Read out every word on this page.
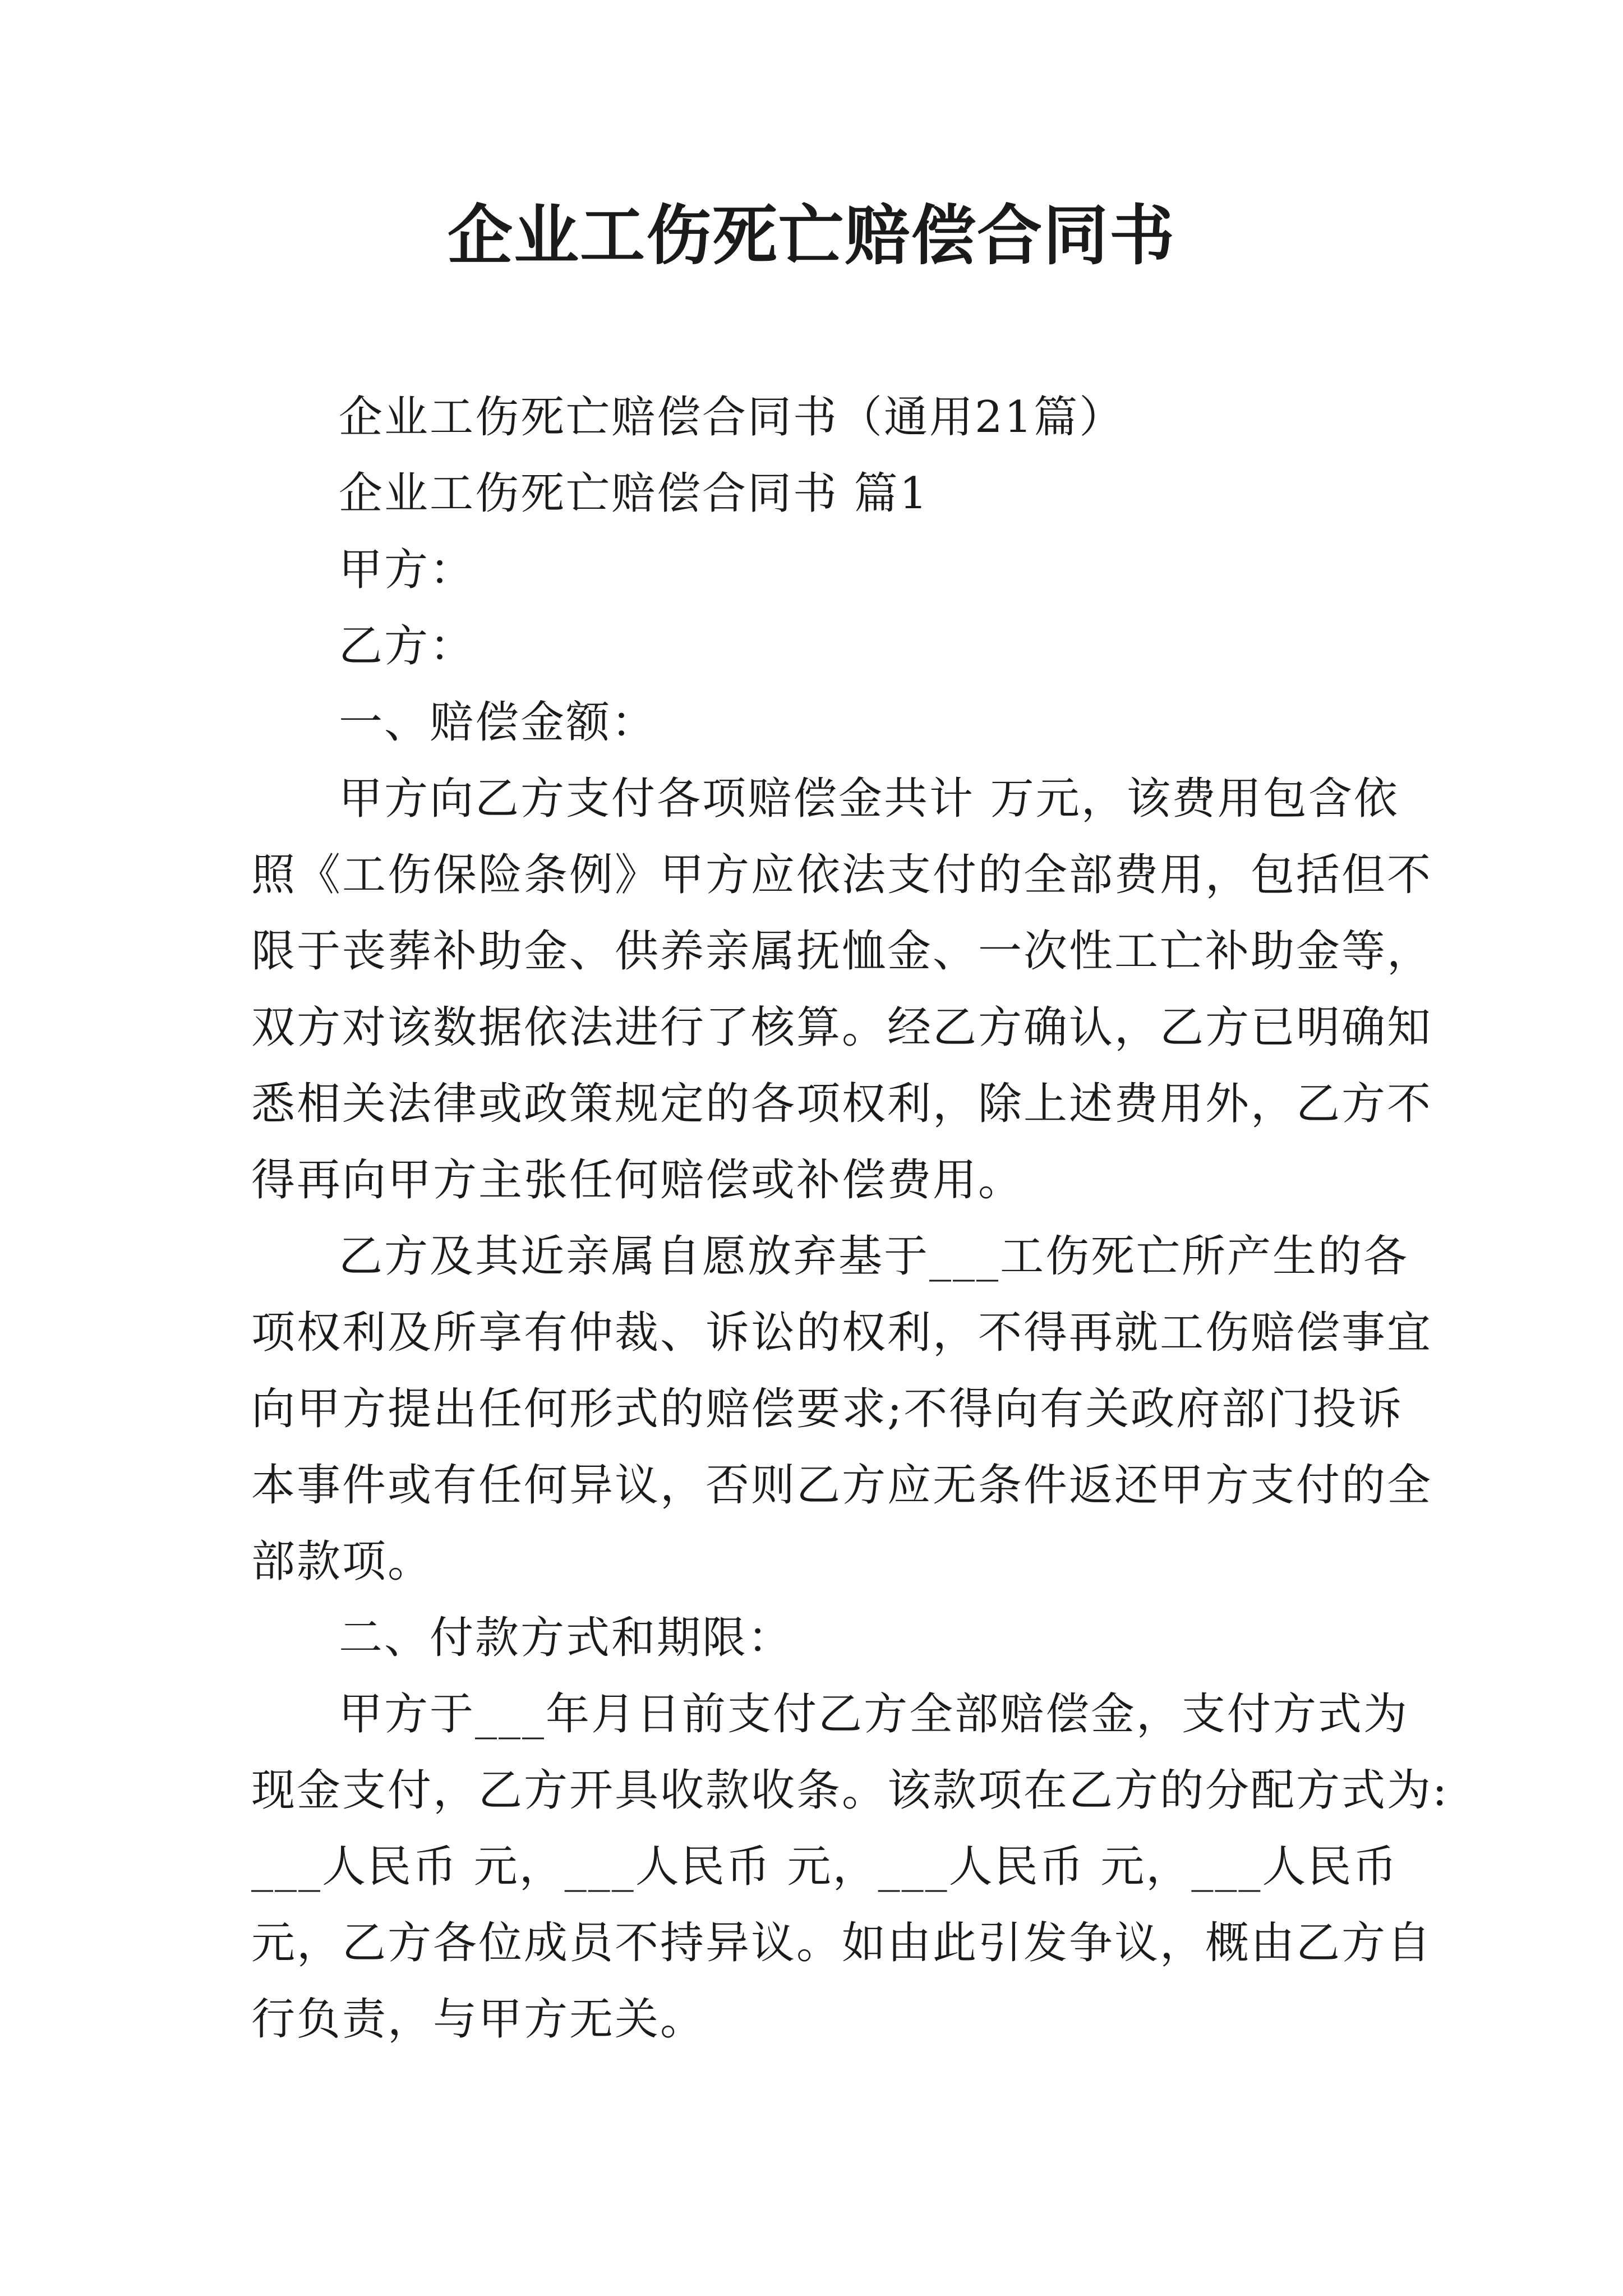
企业工伤死亡赔偿合同书
企业工伤死亡赔偿合同书（通用21篇）
企业工伤死亡赔偿合同书 篇1
甲方：
乙方：
一、赔偿金额：
甲方向乙方支付各项赔偿金共计 万元，该费用包含依
照《工伤保险条例》甲方应依法支付的全部费用，包括但不
限于丧葬补助金、供养亲属抚恤金、一次性工亡补助金等，
双方对该数据依法进行了核算。经乙方确认，乙方已明确知
悉相关法律或政策规定的各项权利，除上述费用外，乙方不
得再向甲方主张任何赔偿或补偿费用。
乙方及其近亲属自愿放弃基于___工伤死亡所产生的各
项权利及所享有仲裁、诉讼的权利，不得再就工伤赔偿事宜
向甲方提出任何形式的赔偿要求;不得向有关政府部门投诉
本事件或有任何异议，否则乙方应无条件返还甲方支付的全
部款项。
二、付款方式和期限：
甲方于___年月日前支付乙方全部赔偿金，支付方式为
现金支付，乙方开具收款收条。该款项在乙方的分配方式为:
___人民币 元，___人民币 元，___人民币 元，___人民币
元，乙方各位成员不持异议。如由此引发争议，概由乙方自
行负责，与甲方无关。
